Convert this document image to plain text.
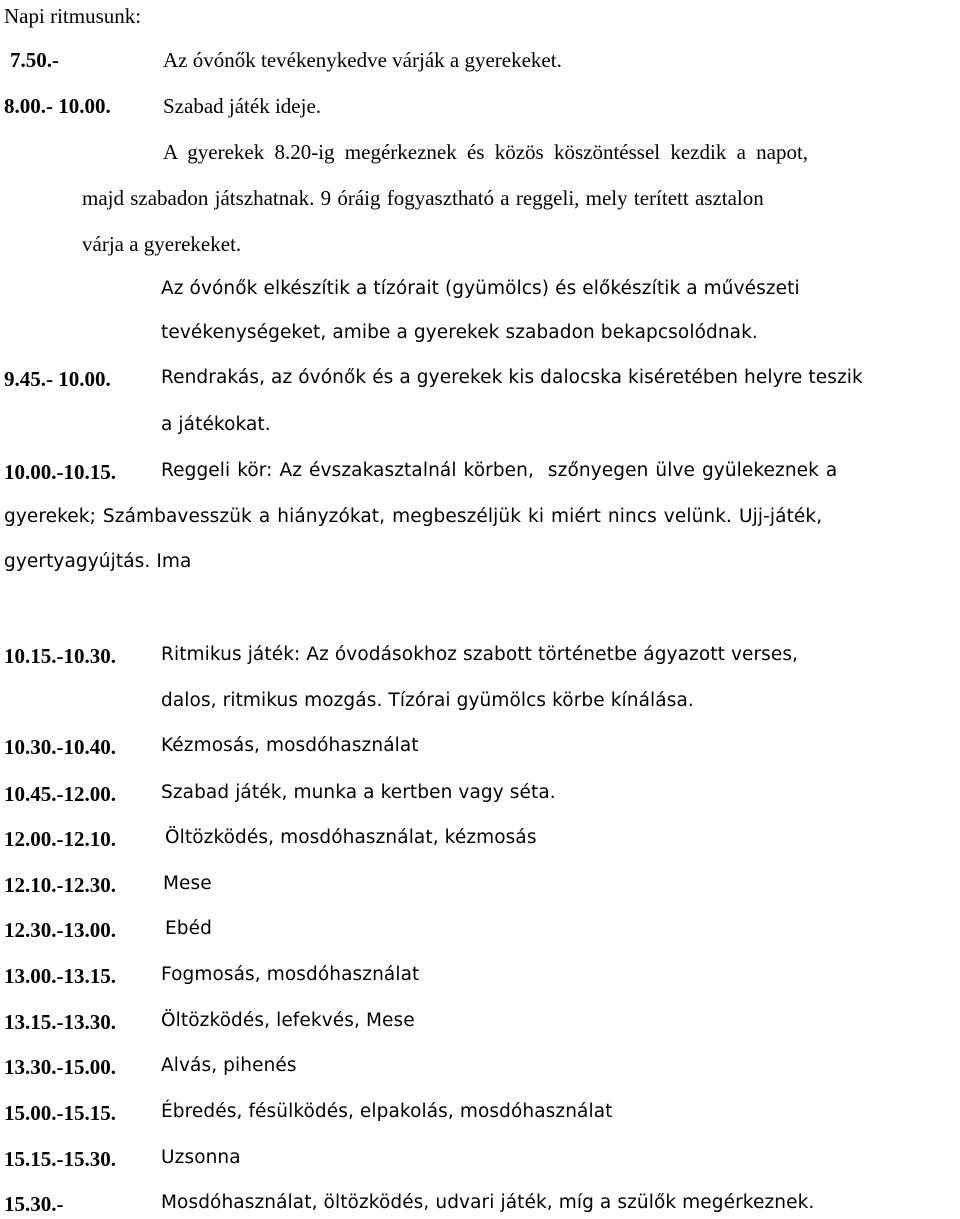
Napi ritmusunk:
7.50.-	Az óvónők tevékenykedve várják a gyerekeket.
8.00.- 10.00. Szabad játék ideje.
A gyerekek 8.20-ig megérkeznek és közös köszöntéssel kezdik a napot,
majd szabadon játszhatnak. 9 óráig fogyasztható a reggeli, mely terített asztalon
várja a gyerekeket.
Az óvónők elkészítik a tízórait (gyümölcs) és előkészítik a művészeti
tevékenységeket, amibe a gyerekek szabadon bekapcsolódnak.
9.45.- 10.00.	Rendrakás, az óvónők és a gyerekek kis dalocska kiséretében helyre teszik
a játékokat.
10.00.-10.15. Reggeli kör: Az évszakasztalnál körben,  szőnyegen ülve gyülekeznek a
gyerekek; Számbavesszük a hiányzókat, megbeszéljük ki miért nincs velünk. Ujj-játék,
gyertyagyújtás. Ima
10.15.-10.30. Ritmikus játék: Az óvodásokhoz szabott történetbe ágyazott verses,
dalos, ritmikus mozgás. Tízórai gyümölcs körbe kínálása.
10.30.-10.40. Kézmosás, mosdóhasználat
10.45.-12.00. Szabad játék, munka a kertben vagy séta.
12.00.-12.10.	Öltözködés, mosdóhasználat, kézmosás
12.10.-12.30.	Mese
12.30.-13.00.	Ebéd
13.00.-13.15. Fogmosás, mosdóhasználat
13.15.-13.30. Öltözködés, lefekvés, Mese
13.30.-15.00. Alvás, pihenés
15.00.-15.15. Ébredés, fésülködés, elpakolás, mosdóhasználat
15.15.-15.30. Uzsonna
15.30.-	Mosdóhasználat, öltözködés, udvari játék, míg a szülők megérkeznek.
